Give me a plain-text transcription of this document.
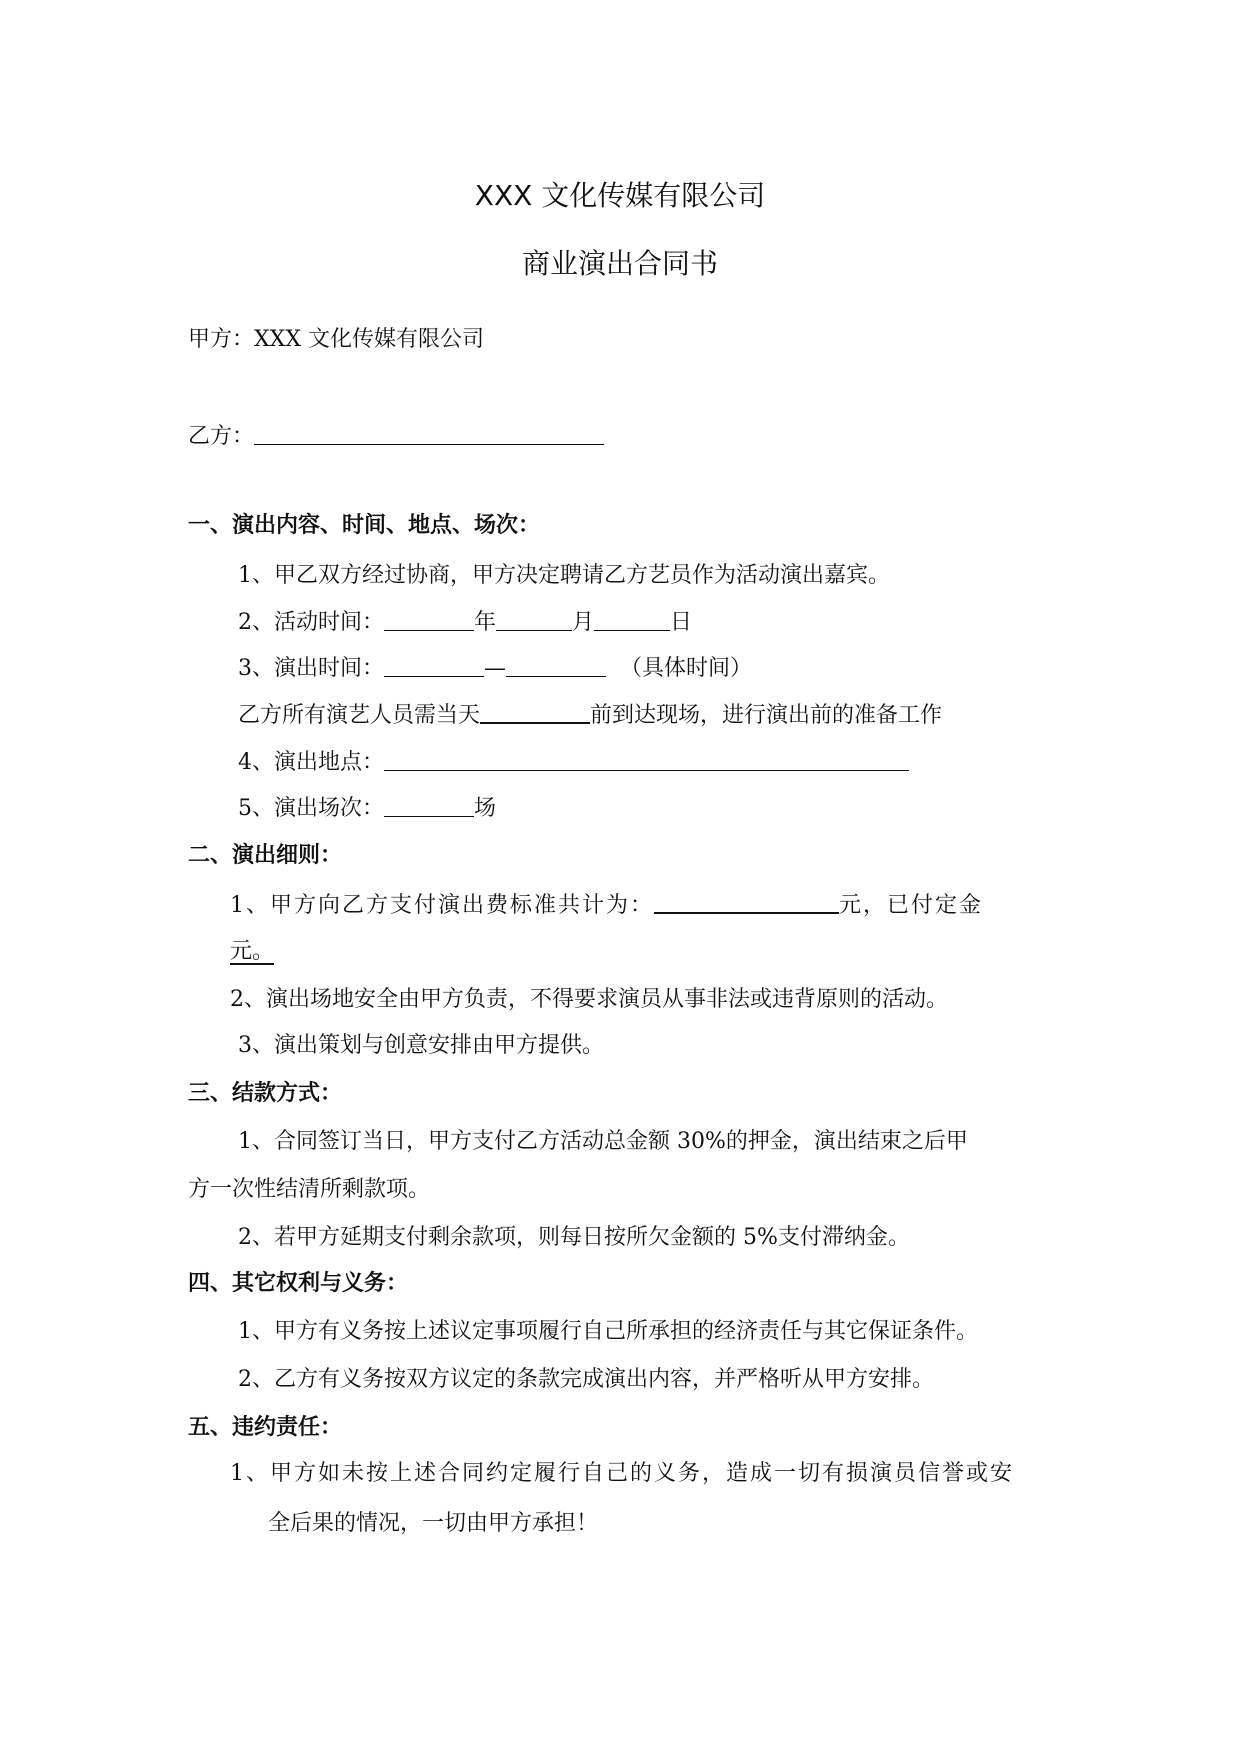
XXX 文化传媒有限公司
商业演出合同书
甲方：XXX 文化传媒有限公司
乙方：
一、演出内容、时间、地点、场次：
1、甲乙双方经过协商，甲方决定聘请乙方艺员作为活动演出嘉宾。
2、活动时间：	年	月	日
3、演出时间：	—	（具体时间）
乙方所有演艺人员需当天	前到达现场，进行演出前的准备工作
4、演出地点：
5、演出场次：	场
二、演出细则：
1、甲方向乙方支付演出费标准共计为：	元，已付定金
元。
2、演出场地安全由甲方负责，不得要求演员从事非法或违背原则的活动。
3、演出策划与创意安排由甲方提供。
三、结款方式：
1、合同签订当日，甲方支付乙方活动总金额 30%的押金，演出结束之后甲
方一次性结清所剩款项。
2、若甲方延期支付剩余款项，则每日按所欠金额的 5%支付滞纳金。
四、其它权利与义务：
1、甲方有义务按上述议定事项履行自己所承担的经济责任与其它保证条件。
2、乙方有义务按双方议定的条款完成演出内容，并严格听从甲方安排。
五、违约责任：
1、甲方如未按上述合同约定履行自己的义务，造成一切有损演员信誉或安
全后果的情况，一切由甲方承担！
